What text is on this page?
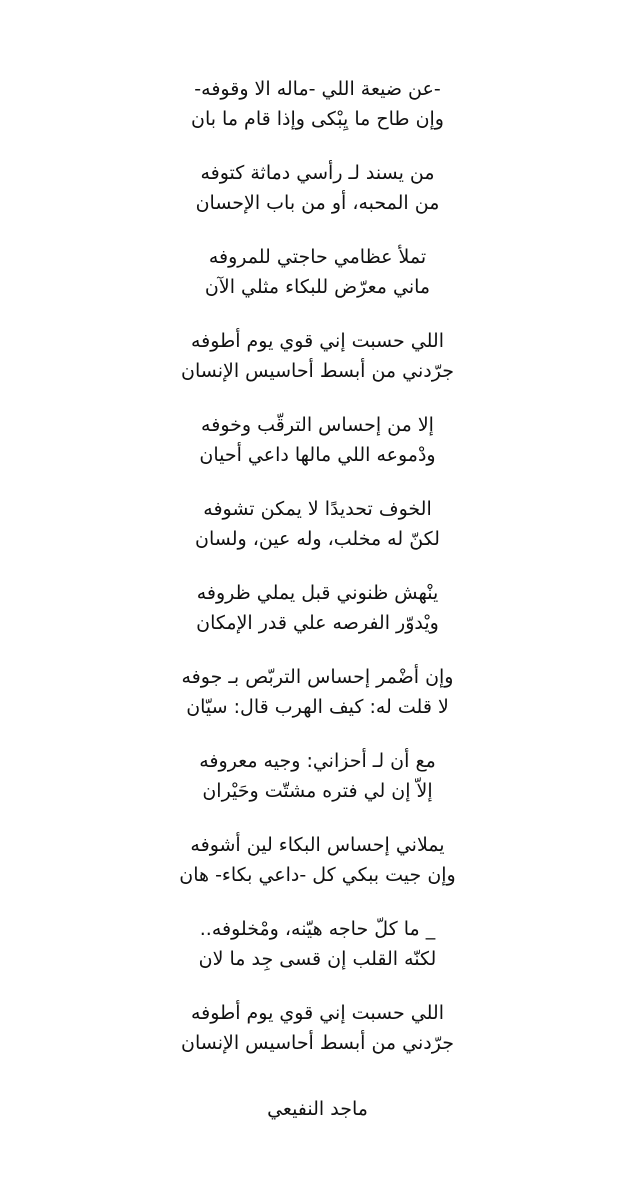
-عن ضيعة اللي -ماله الا وقوفه-
وإن طاح ما يِبْكى وإذا قام ما بان
من يسند لـ رأسي دماثة كتوفه
من المحبه، أو من باب الإحسان
تملأ عظامي حاجتي للمروفه
ماني معرّض للبكاء مثلي الآن
اللي حسبت إني قوي يوم أطوفه
جرّدني من أبسط أحاسيس الإنسان
إلا من إحساس الترقّب وخوفه
ودْموعه اللي مالها داعي أحيان
الخوف تحديدًا لا يمكن تشوفه
لكنّ له مخلب، وله عين، ولسان
ينْهش ظنوني قبل يملي ظروفه
ويْدوّر الفرصه علي قدر الإمكان
وإن أضْمر إحساس التربّص بـ جوفه
لا قلت له: كيف الهرب قال: سيّان
مع أن لـ أحزاني: وجيه معروفه
إلاّ إن لي فتره مشتّت وحَيْران
يملاني إحساس البكاء لين أشوفه
وإن جيت ببكي كل -داعي بكاء- هان
_ ما كلّ حاجه هيّنه، ومْخلوفه..
لكنّه القلب إن قسى جِد ما لان
اللي حسبت إني قوي يوم أطوفه
جرّدني من أبسط أحاسيس الإنسان
ماجد النفيعي
